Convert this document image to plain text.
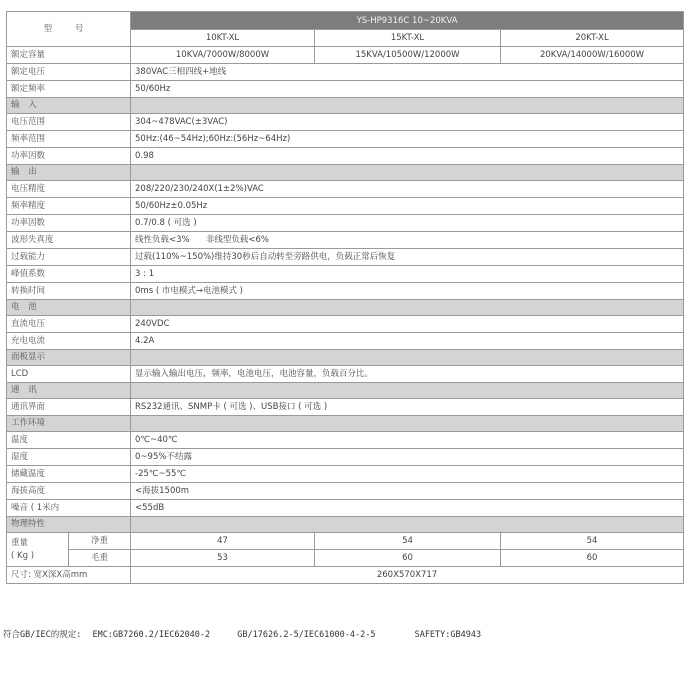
型 号		YS-HP9316C 10~20KVA		
		10KT-XL	15KT-XL	20KT-XL
额定容量		10KVA/7000W/8000W	15KVA/10500W/12000W	20KVA/14000W/16000W
额定电压		380VAC三相四线+地线		
额定频率		50/60Hz		
输 入				
电压范围		304~478VAC(±3VAC)		
频率范围		50Hz:(46~54Hz);60Hz:(56Hz~64Hz)		
功率因数		0.98		
输 出				
电压精度		208/220/230/240X(1±2%)VAC		
频率精度		50/60Hz±0.05Hz		
功率因数		0.7/0.8 ( 可选 )		
波形失真度		线性负载<3%      非线型负载<6%		
过载能力		过载(110%~150%)维持30秒后自动转至旁路供电，负载正常后恢复		
峰值系数		3 : 1		
转换时间		0ms ( 市电模式→电池模式 )		
电 池				
直流电压		240VDC		
充电电流		4.2A		
面板显示				
LCD		显示输入输出电压，频率，电池电压，电池容量，负载百分比。		
通 讯				
通讯界面		RS232通讯、SNMP卡 ( 可选 )、USB接口 ( 可选 )		
工作环境				
温度		0℃~40℃		
湿度		0~95%不结露		
储藏温度		-25℃~55℃		
海拔高度		<海拔1500m		
噪音 ( 1米内		<55dB		
物理特性				
重量
( Kg )	净重	47	54	54
	毛重	53	60	60
尺寸: 宽X深X高mm		260X570X717		
符合GB/IEC的规定: EMC:GB7260.2/IEC62040-2	GB/17626.2-5/IEC61000-4-2-5	SAFETY:GB4943
